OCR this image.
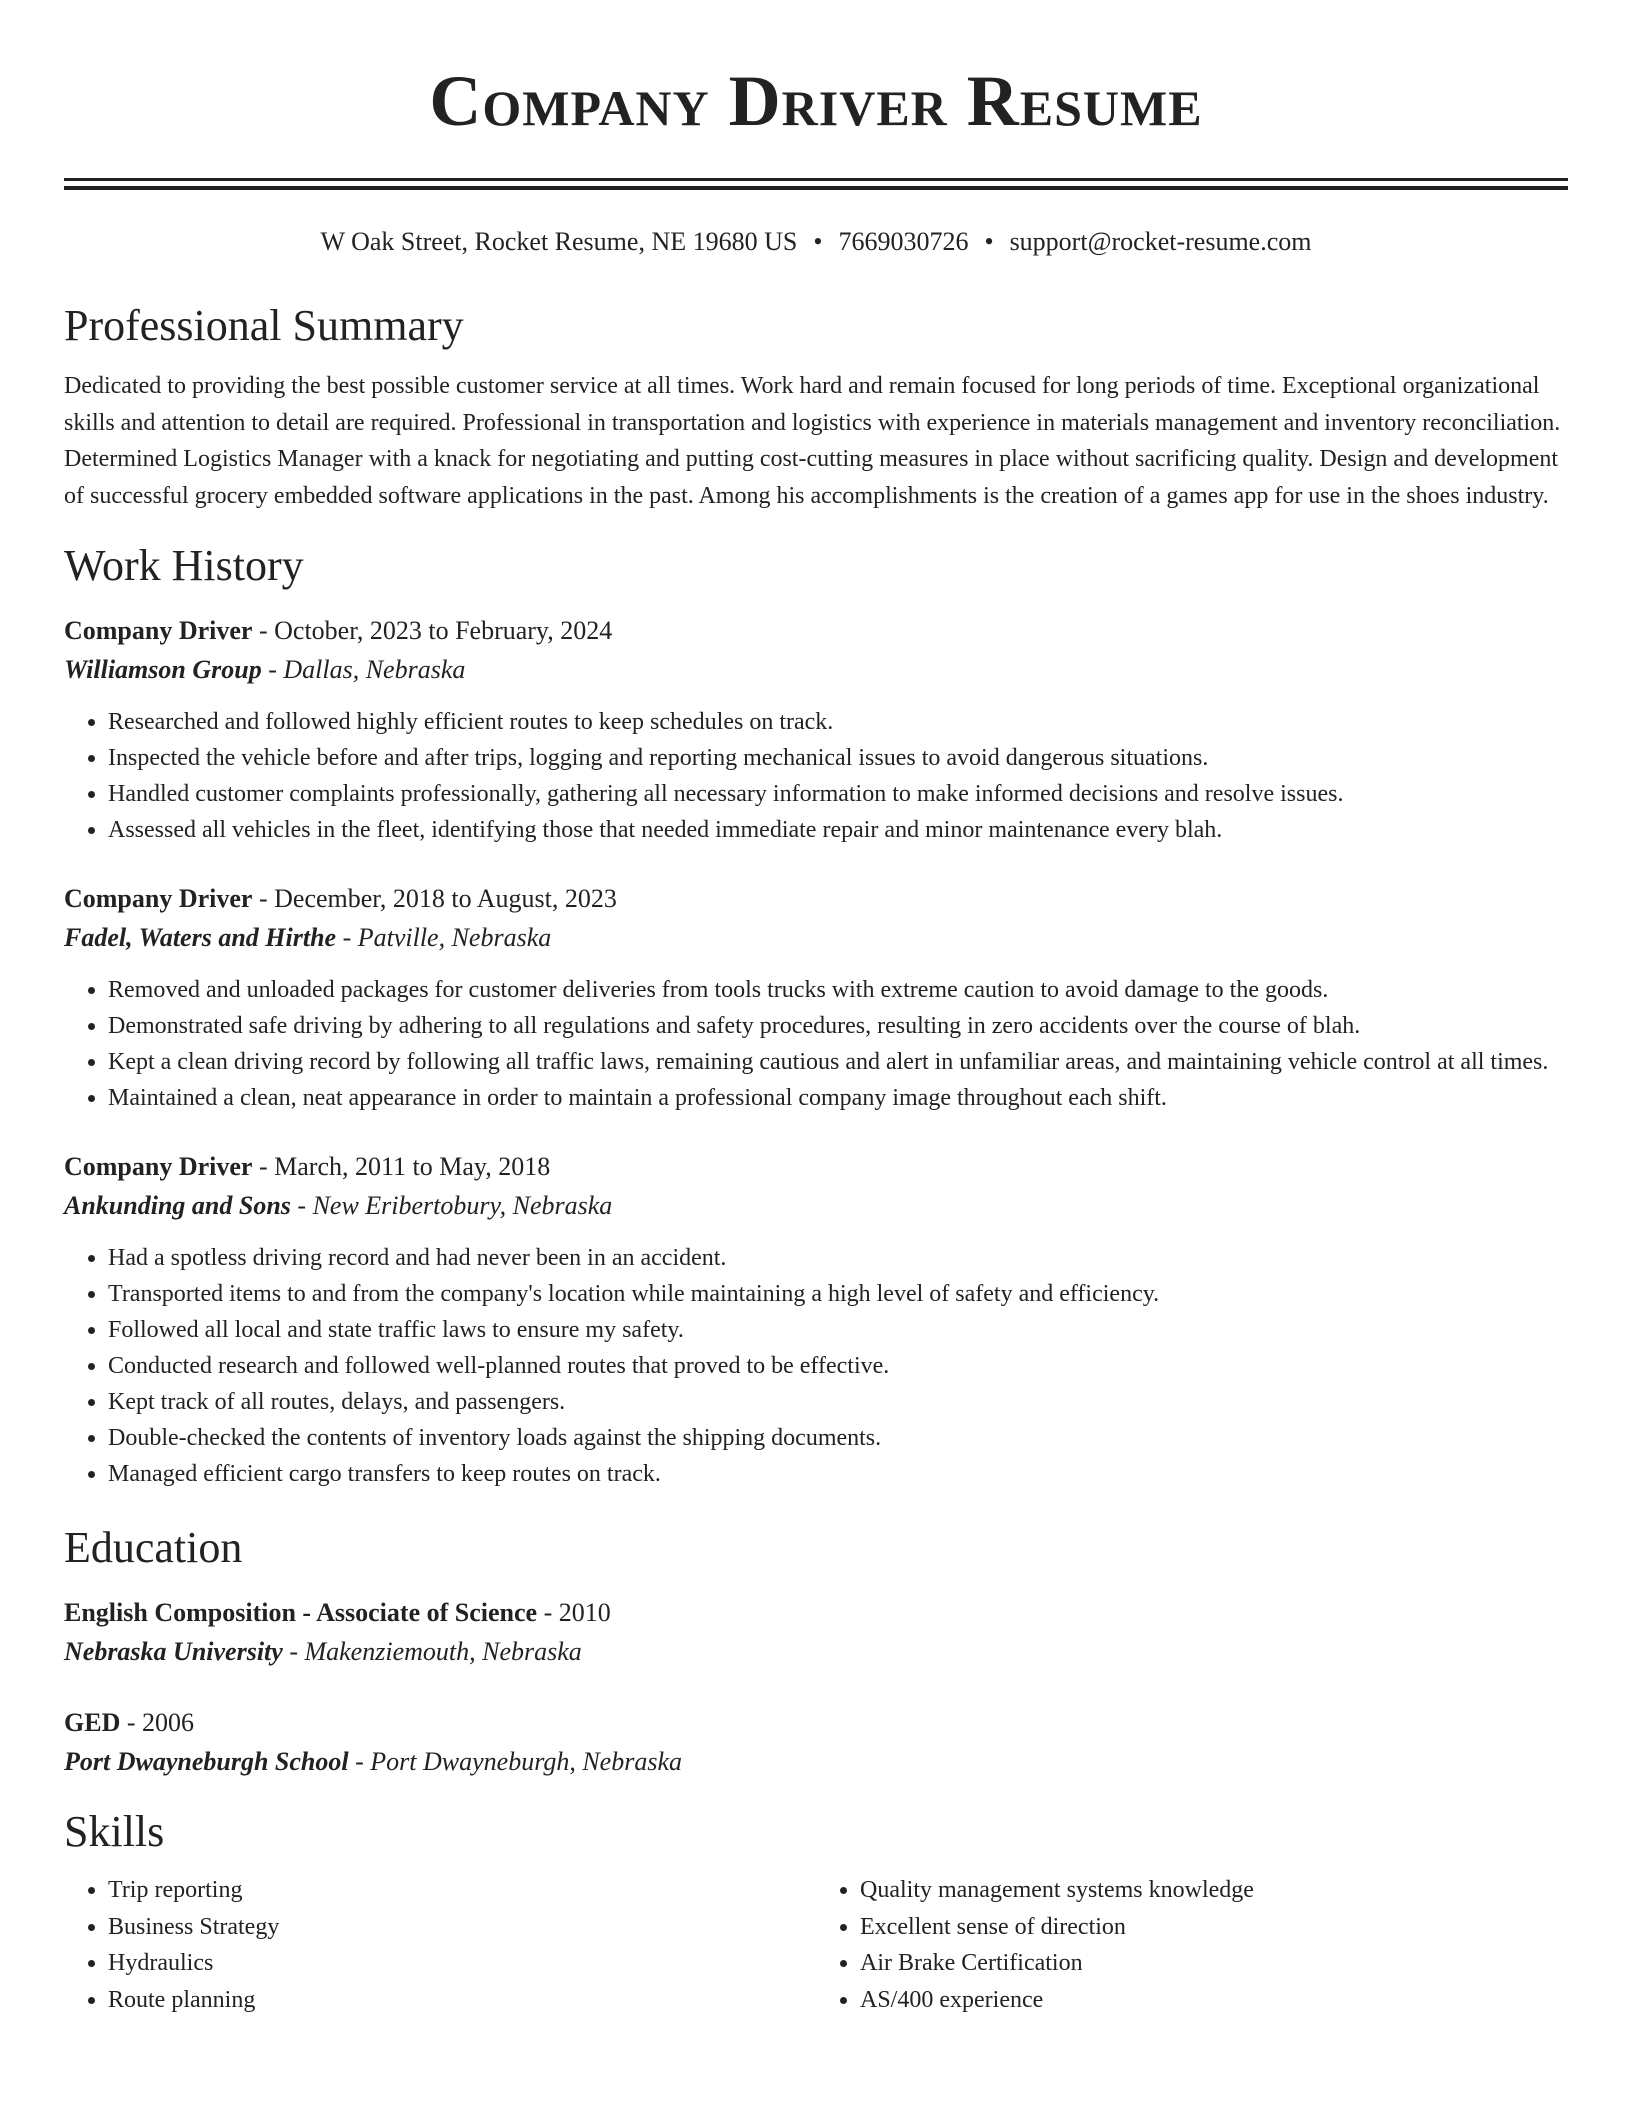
Company Driver Resume
W Oak Street, Rocket Resume, NE 19680 US • 7669030726 • support@rocket-resume.com
Professional Summary
Dedicated to providing the best possible customer service at all times. Work hard and remain focused for long periods of time. Exceptional organizational skills and attention to detail are required. Professional in transportation and logistics with experience in materials management and inventory reconciliation. Determined Logistics Manager with a knack for negotiating and putting cost-cutting measures in place without sacrificing quality. Design and development of successful grocery embedded software applications in the past. Among his accomplishments is the creation of a games app for use in the shoes industry.
Work History
Company Driver - October, 2023 to February, 2024
Williamson Group - Dallas, Nebraska
• Researched and followed highly efficient routes to keep schedules on track.
• Inspected the vehicle before and after trips, logging and reporting mechanical issues to avoid dangerous situations.
• Handled customer complaints professionally, gathering all necessary information to make informed decisions and resolve issues.
• Assessed all vehicles in the fleet, identifying those that needed immediate repair and minor maintenance every blah.
Company Driver - December, 2018 to August, 2023
Fadel, Waters and Hirthe - Patville, Nebraska
• Removed and unloaded packages for customer deliveries from tools trucks with extreme caution to avoid damage to the goods.
• Demonstrated safe driving by adhering to all regulations and safety procedures, resulting in zero accidents over the course of blah.
• Kept a clean driving record by following all traffic laws, remaining cautious and alert in unfamiliar areas, and maintaining vehicle control at all times.
• Maintained a clean, neat appearance in order to maintain a professional company image throughout each shift.
Company Driver - March, 2011 to May, 2018
Ankunding and Sons - New Eribertobury, Nebraska
• Had a spotless driving record and had never been in an accident.
• Transported items to and from the company's location while maintaining a high level of safety and efficiency.
• Followed all local and state traffic laws to ensure my safety.
• Conducted research and followed well-planned routes that proved to be effective.
• Kept track of all routes, delays, and passengers.
• Double-checked the contents of inventory loads against the shipping documents.
• Managed efficient cargo transfers to keep routes on track.
Education
English Composition - Associate of Science - 2010
Nebraska University - Makenziemouth, Nebraska
GED - 2006
Port Dwayneburgh School - Port Dwayneburgh, Nebraska
Skills
• Trip reporting
• Business Strategy
• Hydraulics
• Route planning
• Quality management systems knowledge
• Excellent sense of direction
• Air Brake Certification
• AS/400 experience
